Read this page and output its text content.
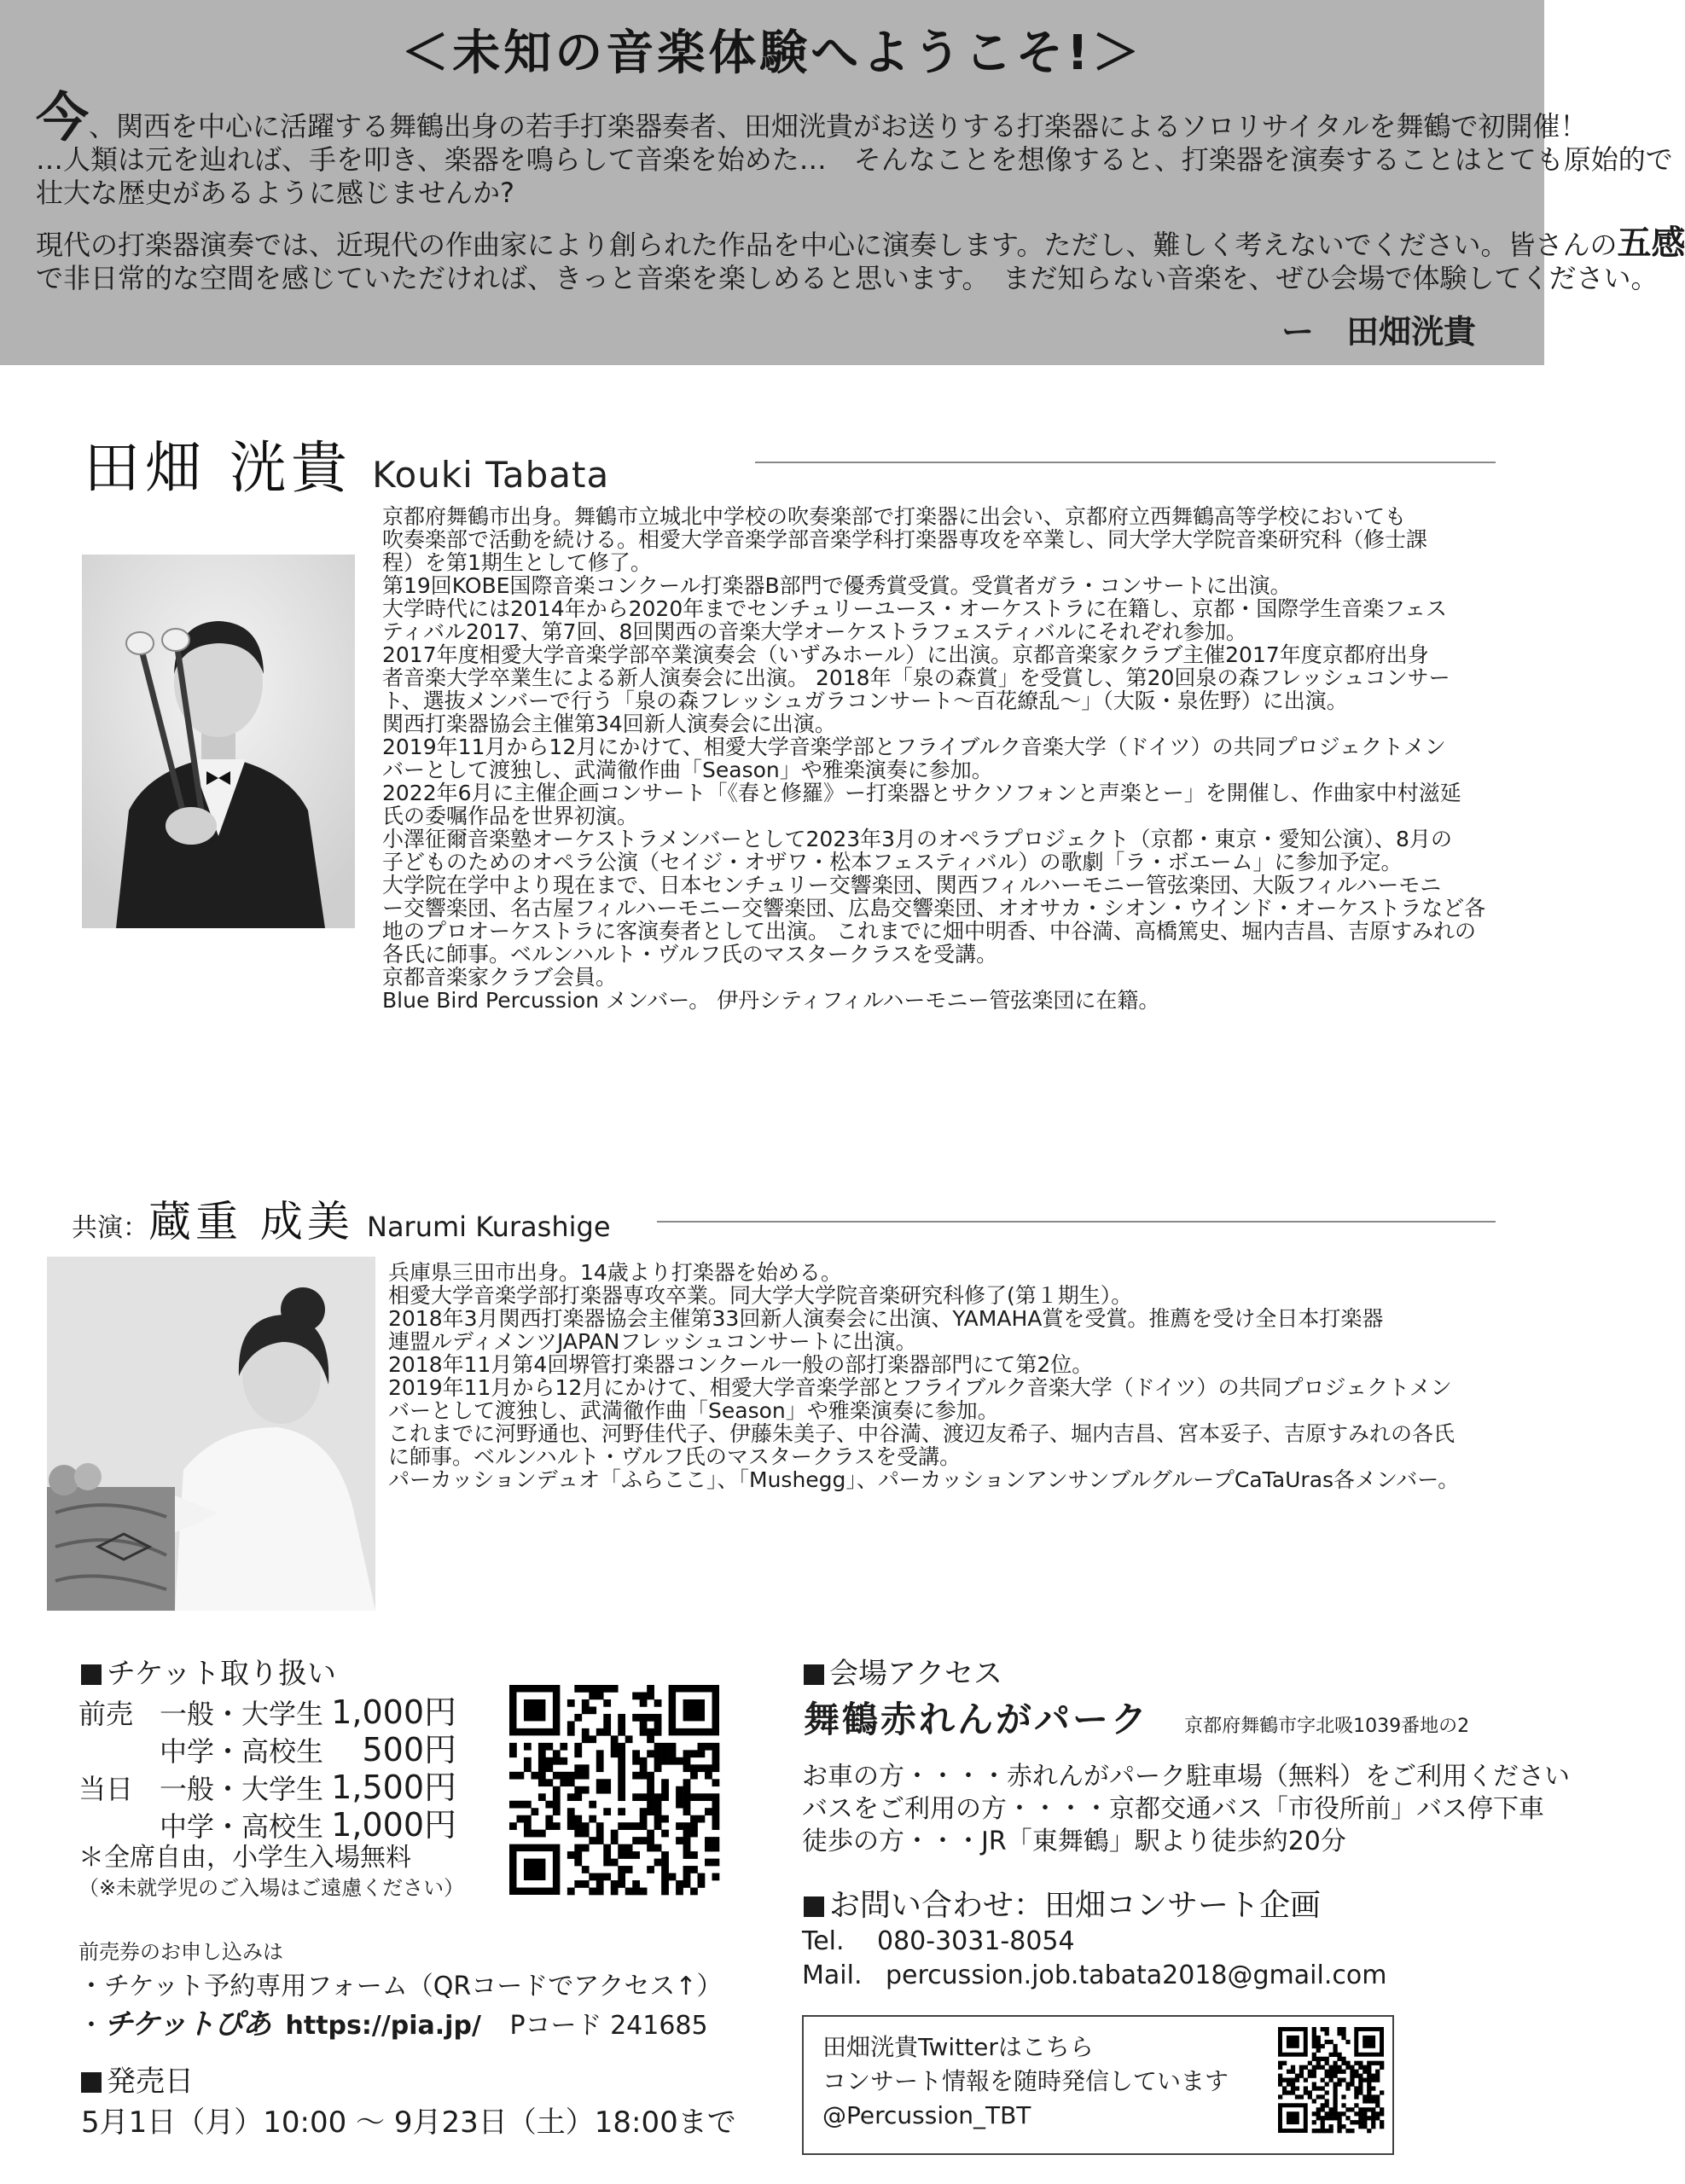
＜未知の音楽体験へようこそ!＞
今、関西を中心に活躍する舞鶴出身の若手打楽器奏者、田畑洸貴がお送りする打楽器によるソロリサイタルを舞鶴で初開催！
…人類は元を辿れば、手を叩き、楽器を鳴らして音楽を始めた…　そんなことを想像すると、打楽器を演奏することはとても原始的で
壮大な歴史があるように感じませんか?
現代の打楽器演奏では、近現代の作曲家により創られた作品を中心に演奏します。ただし、難しく考えないでください。皆さんの五感
で非日常的な空間を感じていただければ、きっと音楽を楽しめると思います。　まだ知らない音楽を、ぜひ会場で体験してください。
ー　田畑洸貴
田畑 洸貴 Kouki Tabata
京都府舞鶴市出身。舞鶴市立城北中学校の吹奏楽部で打楽器に出会い、京都府立西舞鶴高等学校においても
吹奏楽部で活動を続ける。相愛大学音楽学部音楽学科打楽器専攻を卒業し、同大学大学院音楽研究科（修士課
程）を第1期生として修了。
第19回KOBE国際音楽コンクール打楽器B部門で優秀賞受賞。受賞者ガラ・コンサートに出演。
大学時代には2014年から2020年までセンチュリーユース・オーケストラに在籍し、京都・国際学生音楽フェス
ティバル2017、第7回、8回関西の音楽大学オーケストラフェスティバルにそれぞれ参加。
2017年度相愛大学音楽学部卒業演奏会（いずみホール）に出演。京都音楽家クラブ主催2017年度京都府出身
者音楽大学卒業生による新人演奏会に出演。 2018年「泉の森賞」を受賞し、第20回泉の森フレッシュコンサー
ト、選抜メンバーで行う「泉の森フレッシュガラコンサート～百花繚乱～」（大阪・泉佐野）に出演。
関西打楽器協会主催第34回新人演奏会に出演。
2019年11月から12月にかけて、相愛大学音楽学部とフライブルク音楽大学（ドイツ）の共同プロジェクトメン
バーとして渡独し、武満徹作曲「Season」や雅楽演奏に参加。
2022年6月に主催企画コンサート「《春と修羅》ー打楽器とサクソフォンと声楽とー」を開催し、作曲家中村滋延
氏の委嘱作品を世界初演。
小澤征爾音楽塾オーケストラメンバーとして2023年3月のオペラプロジェクト（京都・東京・愛知公演）、8月の
子どものためのオペラ公演（セイジ・オザワ・松本フェスティバル）の歌劇「ラ・ボエーム」に参加予定。
大学院在学中より現在まで、日本センチュリー交響楽団、関西フィルハーモニー管弦楽団、大阪フィルハーモニ
ー交響楽団、名古屋フィルハーモニー交響楽団、広島交響楽団、オオサカ・シオン・ウインド・オーケストラなど各
地のプロオーケストラに客演奏者として出演。 これまでに畑中明香、中谷満、高橋篤史、堀内吉昌、吉原すみれの
各氏に師事。ベルンハルト・ヴルフ氏のマスタークラスを受講。
京都音楽家クラブ会員。
Blue Bird Percussion メンバー。 伊丹シティフィルハーモニー管弦楽団に在籍。
共演：蔵重 成美 Narumi Kurashige
兵庫県三田市出身。14歳より打楽器を始める。
相愛大学音楽学部打楽器専攻卒業。同大学大学院音楽研究科修了(第１期生）。
2018年3月関西打楽器協会主催第33回新人演奏会に出演、YAMAHA賞を受賞。推薦を受け全日本打楽器
連盟ルディメンツJAPANフレッシュコンサートに出演。
2018年11月第4回堺管打楽器コンクール一般の部打楽器部門にて第2位。
2019年11月から12月にかけて、相愛大学音楽学部とフライブルク音楽大学（ドイツ）の共同プロジェクトメン
バーとして渡独し、武満徹作曲「Season」や雅楽演奏に参加。
これまでに河野通也、河野佳代子、伊藤朱美子、中谷満、渡辺友希子、堀内吉昌、宮本妥子、吉原すみれの各氏
に師事。ベルンハルト・ヴルフ氏のマスタークラスを受講。
パーカッションデュオ「ふらここ」、「Mushegg」、パーカッションアンサンブルグループCaTaUras各メンバー。
チケット取り扱い
前売 一般・大学生 1,000円
中学・高校生 500円
当日 一般・大学生 1,500円
中学・高校生 1,000円
＊全席自由，小学生入場無料
（※未就学児のご入場はご遠慮ください）
前売券のお申し込みは
・チケット予約専用フォーム（QRコードでアクセス↑）
・チケットぴあ https://pia.jp/ Pコード 241685
発売日
5月1日（月）10:00 ～ 9月23日（土）18:00まで
会場アクセス
舞鶴赤れんがパーク 京都府舞鶴市字北吸1039番地の2
お車の方・・・・赤れんがパーク駐車場（無料）をご利用ください
バスをご利用の方・・・・京都交通バス「市役所前」バス停下車
徒歩の方・・・JR「東舞鶴」駅より徒歩約20分
お問い合わせ：田畑コンサート企画
Tel. 080-3031-8054
Mail. percussion.job.tabata2018@gmail.com
田畑洸貴Twitterはこちら
コンサート情報を随時発信しています
@Percussion_TBT
